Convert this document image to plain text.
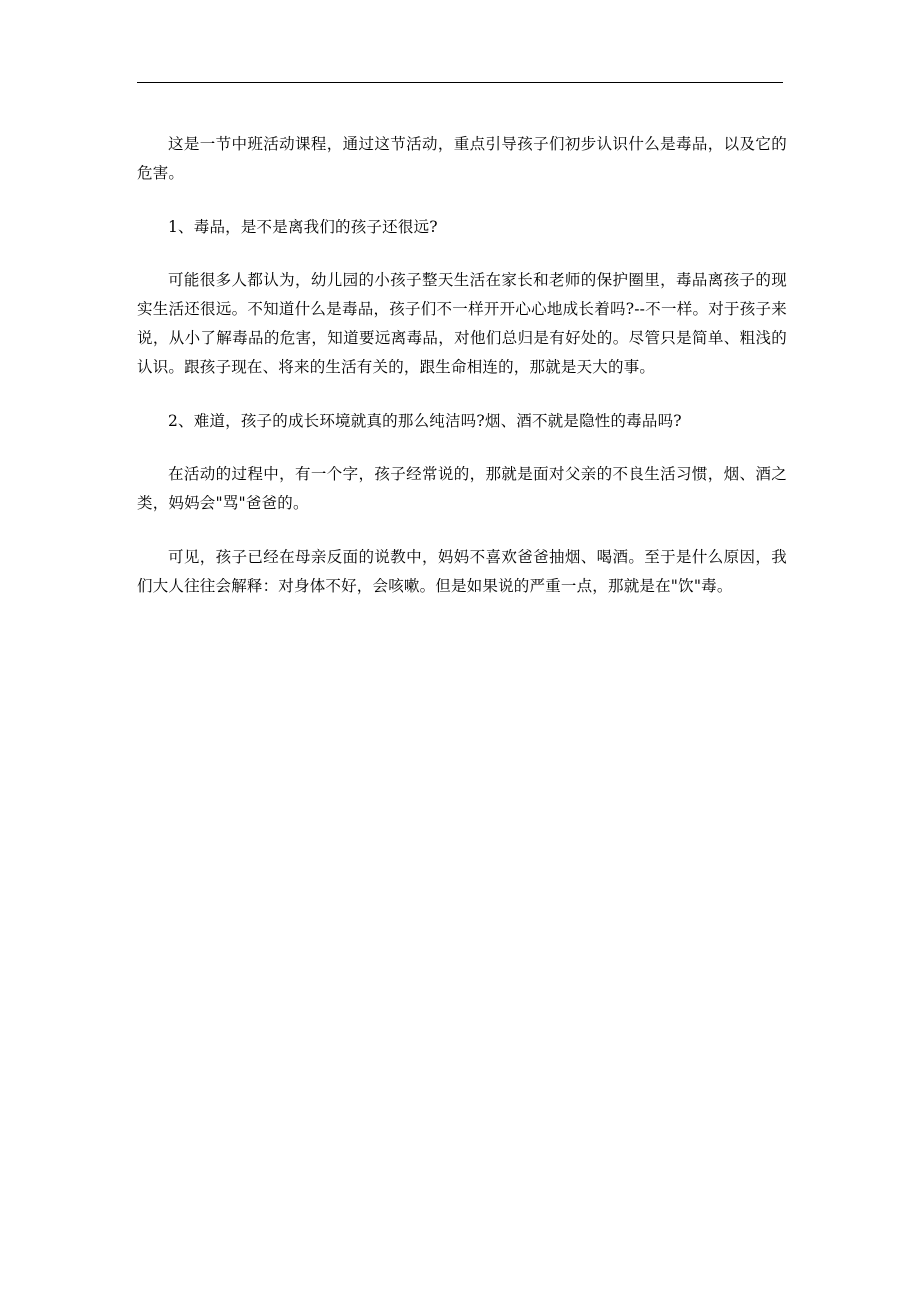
这是一节中班活动课程，通过这节活动，重点引导孩子们初步认识什么是毒品，以及它的危害。

1、毒品，是不是离我们的孩子还很远?

可能很多人都认为，幼儿园的小孩子整天生活在家长和老师的保护圈里，毒品离孩子的现实生活还很远。不知道什么是毒品，孩子们不一样开开心心地成长着吗?--不一样。对于孩子来说，从小了解毒品的危害，知道要远离毒品，对他们总归是有好处的。尽管只是简单、粗浅的认识。跟孩子现在、将来的生活有关的，跟生命相连的，那就是天大的事。

2、难道，孩子的成长环境就真的那么纯洁吗?烟、酒不就是隐性的毒品吗?

在活动的过程中，有一个字，孩子经常说的，那就是面对父亲的不良生活习惯，烟、酒之类，妈妈会"骂"爸爸的。

可见，孩子已经在母亲反面的说教中，妈妈不喜欢爸爸抽烟、喝酒。至于是什么原因，我们大人往往会解释：对身体不好，会咳嗽。但是如果说的严重一点，那就是在"饮"毒。
